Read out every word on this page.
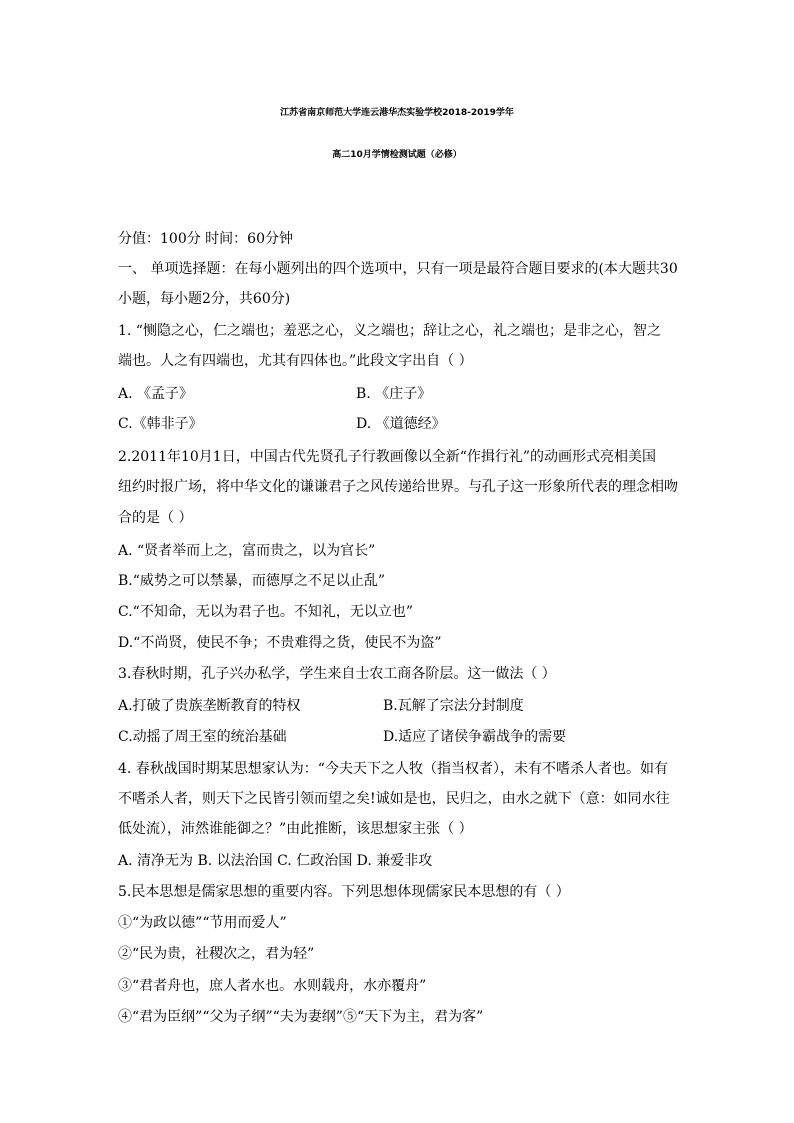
江苏省南京师范大学连云港华杰实验学校2018-2019学年
高二10月学情检测试题（必修）
分值：100分 时间：60分钟
一、 单项选择题：在每小题列出的四个选项中，只有一项是最符合题目要求的(本大题共30
小题，每小题2分，共60分)
1. “恻隐之心，仁之端也；羞恶之心，义之端也；辞让之心，礼之端也；是非之心，智之
端也。人之有四端也，尤其有四体也。”此段文字出自（ ）
A. 《孟子》	B. 《庄子》
C.《韩非子》	D. 《道德经》
2.2011年10月1日，中国古代先贤孔子行教画像以全新“作揖行礼”的动画形式亮相美国
纽约时报广场，将中华文化的谦谦君子之风传递给世界。与孔子这一形象所代表的理念相吻
合的是（ ）
A. “贤者举而上之，富而贵之，以为官长”
B.“威势之可以禁暴，而德厚之不足以止乱”
C.“不知命，无以为君子也。不知礼，无以立也”
D.“不尚贤，使民不争；不贵难得之货，使民不为盗”
3.春秋时期，孔子兴办私学，学生来自士农工商各阶层。这一做法（ ）
A.打破了贵族垄断教育的特权	B.瓦解了宗法分封制度
C.动摇了周王室的统治基础	D.适应了诸侯争霸战争的需要
4. 春秋战国时期某思想家认为：“今夫天下之人牧（指当权者），未有不嗜杀人者也。如有
不嗜杀人者，则天下之民皆引领而望之矣!诚如是也，民归之，由水之就下（意：如同水往
低处流），沛然谁能御之？”由此推断，该思想家主张（ ）
A. 清净无为 B. 以法治国 C. 仁政治国 D. 兼爱非攻
5.民本思想是儒家思想的重要内容。下列思想体现儒家民本思想的有（ ）
①“为政以德”“节用而爱人”
②“民为贵，社稷次之，君为轻”
③“君者舟也，庶人者水也。水则载舟，水亦覆舟”
④“君为臣纲”“父为子纲”“夫为妻纲”⑤“天下为主，君为客”
